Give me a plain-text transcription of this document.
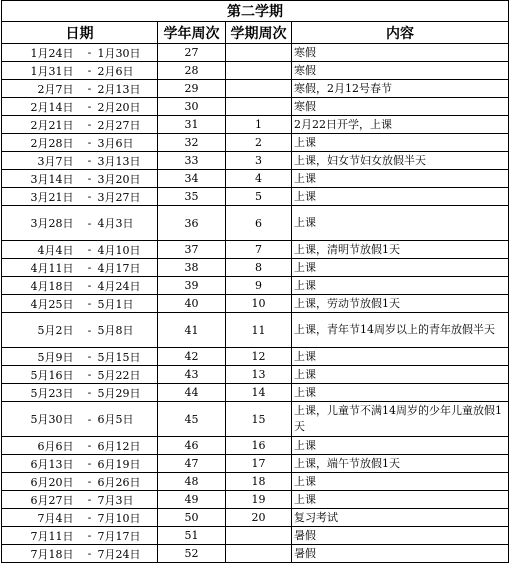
第二学期					
日期			学年周次	学期周次	内容
1月24日	-	1月30日	27		寒假
1月31日	-	2月6日	28		寒假
2月7日	-	2月13日	29		寒假，2月12号春节
2月14日	-	2月20日	30		寒假
2月21日	-	2月27日	31	1	2月22日开学，上课
2月28日	-	3月6日	32	2	上课
3月7日	-	3月13日	33	3	上课，妇女节妇女放假半天
3月14日	-	3月20日	34	4	上课
3月21日	-	3月27日	35	5	上课
3月28日	-	4月3日	36	6	上课
4月4日	-	4月10日	37	7	上课，清明节放假1天
4月11日	-	4月17日	38	8	上课
4月18日	-	4月24日	39	9	上课
4月25日	-	5月1日	40	10	上课，劳动节放假1天
5月2日	-	5月8日	41	11	上课，青年节14周岁以上的青年放假半天
5月9日	-	5月15日	42	12	上课
5月16日	-	5月22日	43	13	上课
5月23日	-	5月29日	44	14	上课
5月30日	-	6月5日	45	15	上课，儿童节不满14周岁的少年儿童放假1天
6月6日	-	6月12日	46	16	上课
6月13日	-	6月19日	47	17	上课，端午节放假1天
6月20日	-	6月26日	48	18	上课
6月27日	-	7月3日	49	19	上课
7月4日	-	7月10日	50	20	复习考试
7月11日	-	7月17日	51		暑假
7月18日	-	7月24日	52		暑假
